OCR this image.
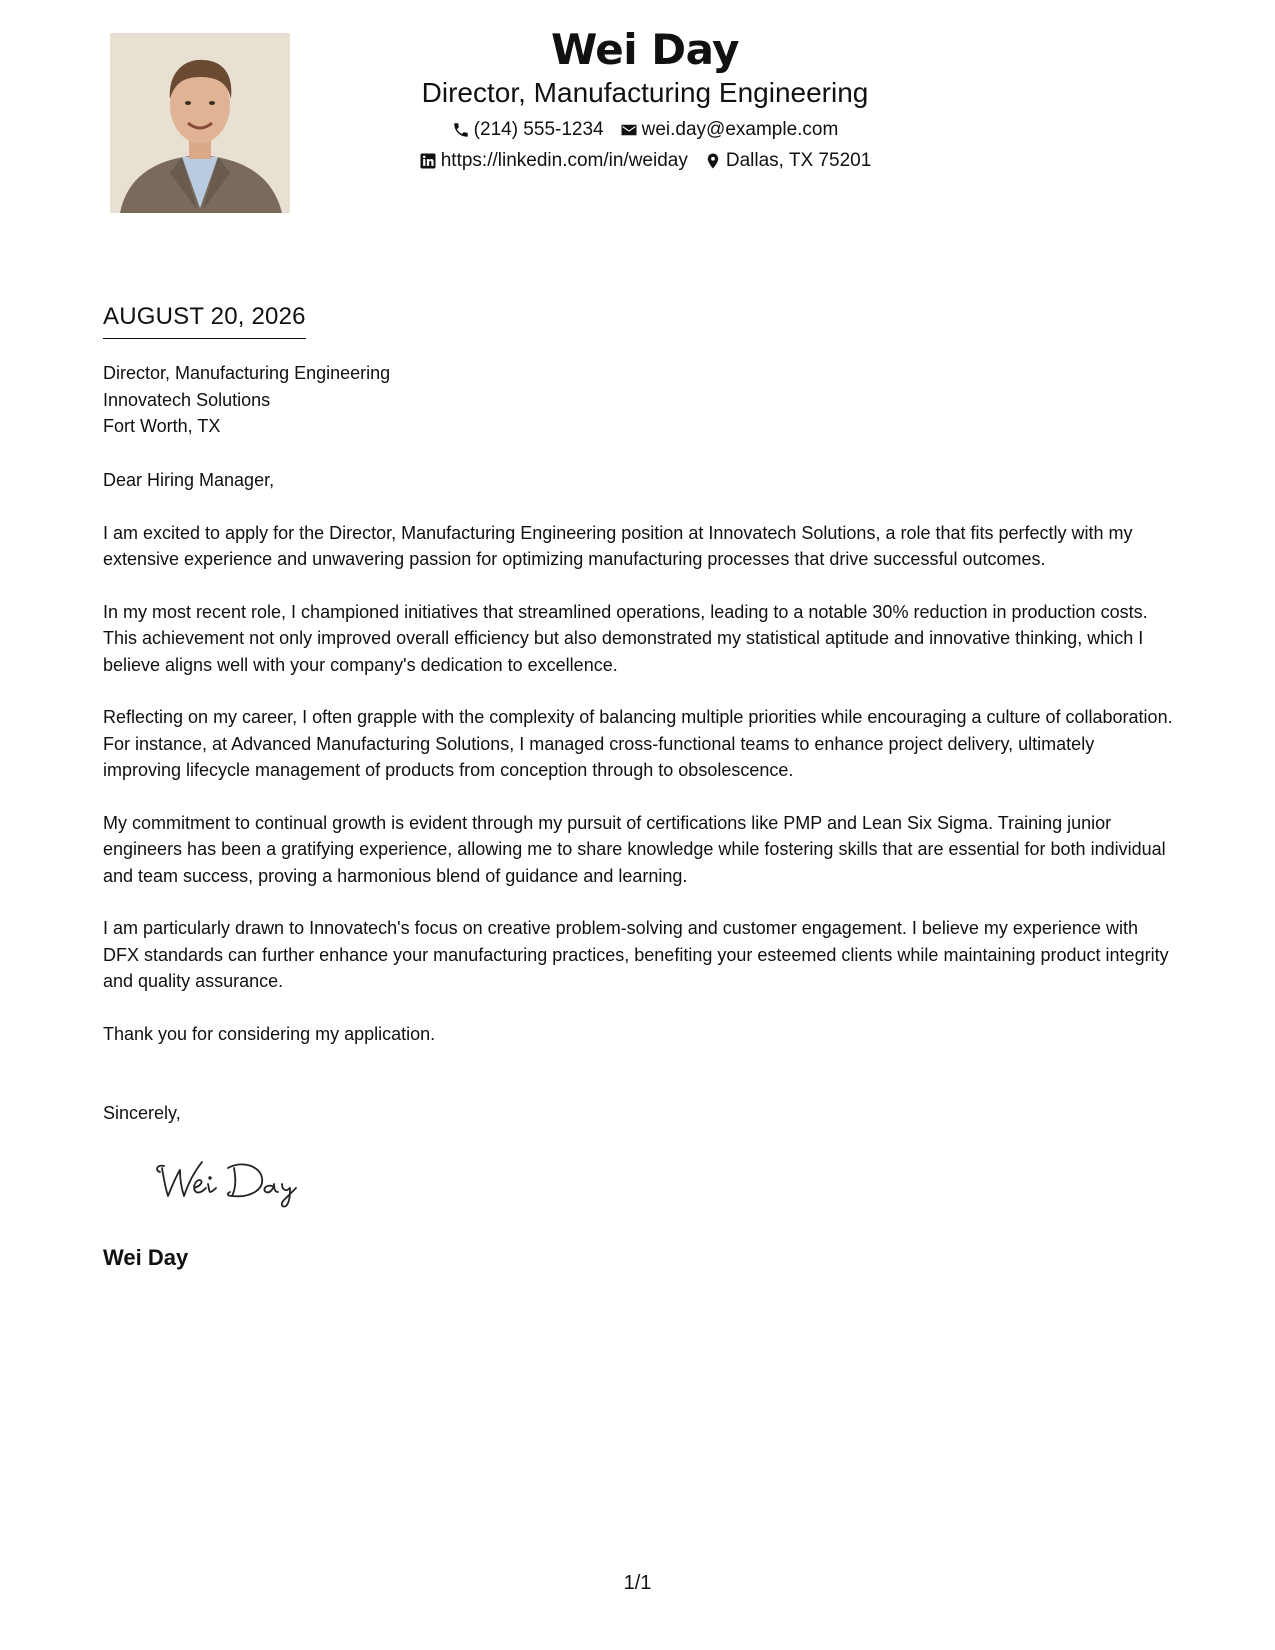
Wei Day
Director, Manufacturing Engineering
(214) 555-1234 wei.day@example.com
https://linkedin.com/in/weiday Dallas, TX 75201
AUGUST 20, 2026
Director, Manufacturing Engineering
Innovatech Solutions
Fort Worth, TX

Dear Hiring Manager,

I am excited to apply for the Director, Manufacturing Engineering position at Innovatech Solutions, a role that fits perfectly with my extensive experience and unwavering passion for optimizing manufacturing processes that drive successful outcomes.

In my most recent role, I championed initiatives that streamlined operations, leading to a notable 30% reduction in production costs. This achievement not only improved overall efficiency but also demonstrated my statistical aptitude and innovative thinking, which I believe aligns well with your company's dedication to excellence.

Reflecting on my career, I often grapple with the complexity of balancing multiple priorities while encouraging a culture of collaboration. For instance, at Advanced Manufacturing Solutions, I managed cross-functional teams to enhance project delivery, ultimately improving lifecycle management of products from conception through to obsolescence.

My commitment to continual growth is evident through my pursuit of certifications like PMP and Lean Six Sigma. Training junior engineers has been a gratifying experience, allowing me to share knowledge while fostering skills that are essential for both individual and team success, proving a harmonious blend of guidance and learning.

I am particularly drawn to Innovatech's focus on creative problem-solving and customer engagement. I believe my experience with DFX standards can further enhance your manufacturing practices, benefiting your esteemed clients while maintaining product integrity and quality assurance.

Thank you for considering my application.

Sincerely,
Wei Day
1/1
